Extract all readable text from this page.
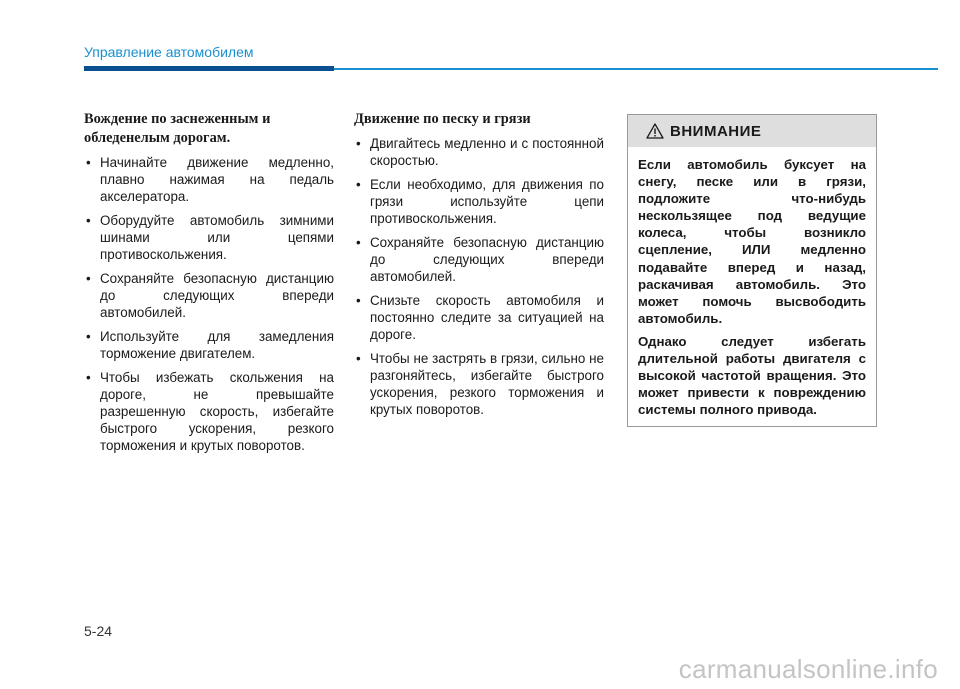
Управление автомобилем
Вождение по заснеженным и обледенелым дорогам.
• Начинайте движение медленно, плавно нажимая на педаль акселератора.
• Оборудуйте автомобиль зимними шинами или цепями противоскольжения.
• Сохраняйте безопасную дистанцию до следующих впереди автомобилей.
• Используйте для замедления торможение двигателем.
• Чтобы избежать скольжения на дороге, не превышайте разрешенную скорость, избегайте быстрого ускорения, резкого торможения и крутых поворотов.
Движение по песку и грязи
• Двигайтесь медленно и с постоянной скоростью.
• Если необходимо, для движения по грязи используйте цепи противоскольжения.
• Сохраняйте безопасную дистанцию до следующих впереди автомобилей.
• Снизьте скорость автомобиля и постоянно следите за ситуацией на дороге.
• Чтобы не застрять в грязи, сильно не разгоняйтесь, избегайте быстрого ускорения, резкого торможения и крутых поворотов.
ВНИМАНИЕ

Если автомобиль буксует на снегу, песке или в грязи, подложите что-нибудь нескользящее под ведущие колеса, чтобы возникло сцепление, ИЛИ медленно подавайте вперед и назад, раскачивая автомобиль. Это может помочь высвободить автомобиль.

Однако следует избегать длительной работы двигателя с высокой частотой вращения. Это может привести к повреждению системы полного привода.

5-24
carmanualsonline.info
